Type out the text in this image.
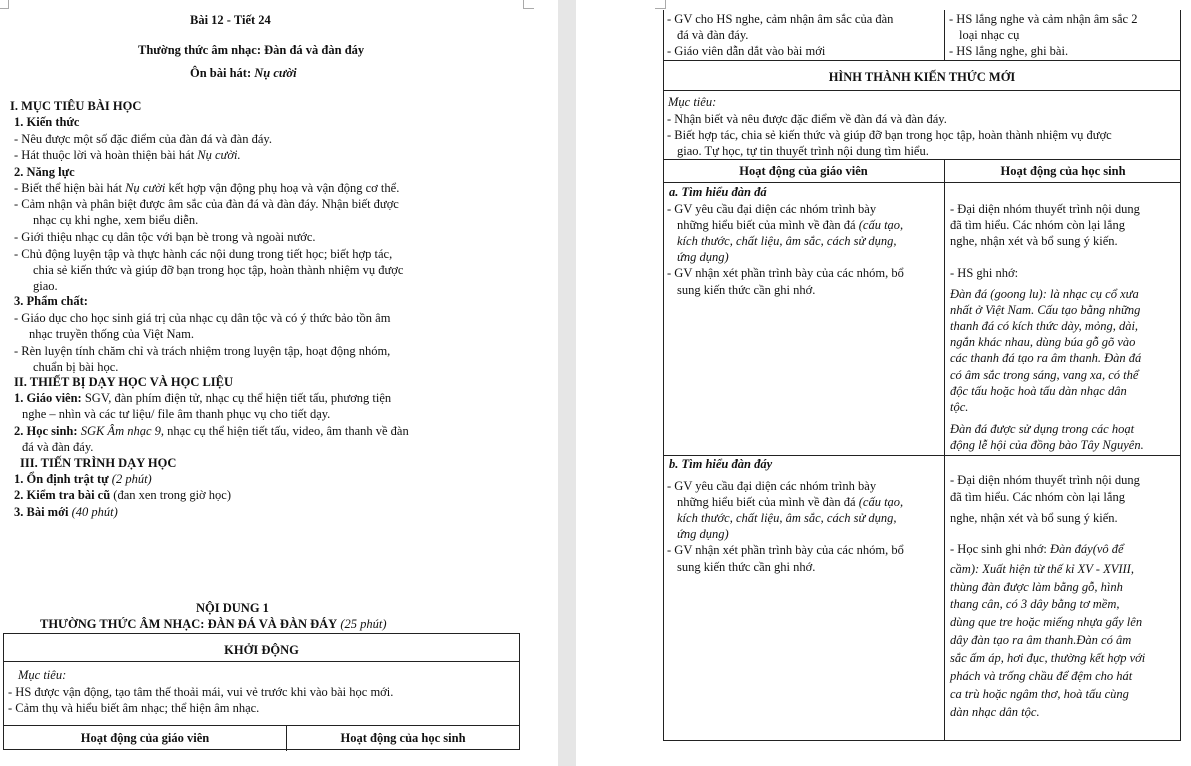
Bài 12 - Tiết 24
Thường thức âm nhạc: Đàn đá và đàn đáy
Ôn bài hát: Nụ cười
I. MỤC TIÊU BÀI HỌC
1. Kiến thức
- Nêu được một số đặc điểm của đàn đá và đàn đáy.
- Hát thuộc lời và hoàn thiện bài hát Nụ cười.
2. Năng lực
- Biết thể hiện bài hát Nụ cười kết hợp vận động phụ hoạ và vận động cơ thể.
- Cảm nhận và phân biệt được âm sắc của đàn đá và đàn đáy. Nhận biết được
nhạc cụ khi nghe, xem biểu diễn.
- Giới thiệu nhạc cụ dân tộc với bạn bè trong và ngoài nước.
- Chủ động luyện tập và thực hành các nội dung trong tiết học; biết hợp tác,
chia sẻ kiến thức và giúp đỡ bạn trong học tập, hoàn thành nhiệm vụ được
giao.
3. Phẩm chất:
- Giáo dục cho học sinh giá trị của nhạc cụ dân tộc và có ý thức bảo tồn âm
nhạc truyền thống của Việt Nam.
- Rèn luyện tính chăm chỉ và trách nhiệm trong luyện tập, hoạt động nhóm,
chuẩn bị bài học.
II. THIẾT BỊ DẠY HỌC VÀ HỌC LIỆU
1. Giáo viên: SGV, đàn phím điện tử, nhạc cụ thể hiện tiết tấu, phương tiện
nghe – nhìn và các tư liệu/ file âm thanh phục vụ cho tiết dạy.
2. Học sinh: SGK Âm nhạc 9, nhạc cụ thể hiện tiết tấu, video, âm thanh về đàn
đá và đàn đáy.
III. TIẾN TRÌNH DẠY HỌC
1. Ổn định trật tự (2 phút)
2. Kiểm tra bài cũ (đan xen trong giờ học)
3. Bài mới (40 phút)
NỘI DUNG 1
THƯỜNG THỨC ÂM NHẠC: ĐÀN ĐÁ VÀ ĐÀN ĐÁY (25 phút)
KHỞI ĐỘNG
Mục tiêu:
- HS được vận động, tạo tâm thế thoải mái, vui vẻ trước khi vào bài học mới.
- Cảm thụ và hiểu biết âm nhạc; thể hiện âm nhạc.
Hoạt động của giáo viên	Hoạt động của học sinh
- GV cho HS nghe, cảm nhận âm sắc của đàn
đá và đàn đáy.
- Giáo viên dẫn dắt vào bài mới
- HS lắng nghe và cảm nhận âm sắc 2
loại nhạc cụ
- HS lắng nghe, ghi bài.
HÌNH THÀNH KIẾN THỨC MỚI
Mục tiêu:
- Nhận biết và nêu được đặc điểm về đàn đá và đàn đáy.
- Biết hợp tác, chia sẻ kiến thức và giúp đỡ bạn trong học tập, hoàn thành nhiệm vụ được
giao. Tự học, tự tin thuyết trình nội dung tìm hiểu.
Hoạt động của giáo viên	Hoạt động của học sinh
a. Tìm hiểu đàn đá
- GV yêu cầu đại diện các nhóm trình bày
những hiểu biết của mình về đàn đá (cấu tạo,
kích thước, chất liệu, âm sắc, cách sử dụng,
ứng dụng)
- GV nhận xét phần trình bày của các nhóm, bổ
sung kiến thức cần ghi nhớ.
- Đại diện nhóm thuyết trình nội dung
đã tìm hiểu. Các nhóm còn lại lắng
nghe, nhận xét và bổ sung ý kiến.
- HS ghi nhớ:
Đàn đá (goong lu): là nhạc cụ cổ xưa
nhất ở Việt Nam. Cấu tạo bằng những
thanh đá có kích thức dày, mỏng, dài,
ngắn khác nhau, dùng búa gỗ gõ vào
các thanh đá tạo ra âm thanh. Đàn đá
có âm sắc trong sáng, vang xa, có thể
độc tấu hoặc hoà tấu dàn nhạc dân
tộc.
Đàn đá được sử dụng trong các hoạt
động lễ hội của đồng bào Tây Nguyên.
b. Tìm hiểu đàn đáy
- GV yêu cầu đại diện các nhóm trình bày
những hiểu biết của mình về đàn đá (cấu tạo,
kích thước, chất liệu, âm sắc, cách sử dụng,
ứng dụng)
- GV nhận xét phần trình bày của các nhóm, bổ
sung kiến thức cần ghi nhớ.
- Đại diện nhóm thuyết trình nội dung
đã tìm hiểu. Các nhóm còn lại lắng
nghe, nhận xét và bổ sung ý kiến.
- Học sinh ghi nhớ: Đàn đáy(vô để
cầm): Xuất hiện từ thế kỉ XV - XVIII,
thùng đàn được làm bằng gỗ, hình
thang cân, có 3 dây bằng tơ mềm,
dùng que tre hoặc miếng nhựa gẩy lên
dây đàn tạo ra âm thanh.Đàn có âm
sắc ấm áp, hơi đục, thường kết hợp với
phách và trống chầu để đệm cho hát
ca trù hoặc ngâm thơ, hoà tấu cùng
dàn nhạc dân tộc.
